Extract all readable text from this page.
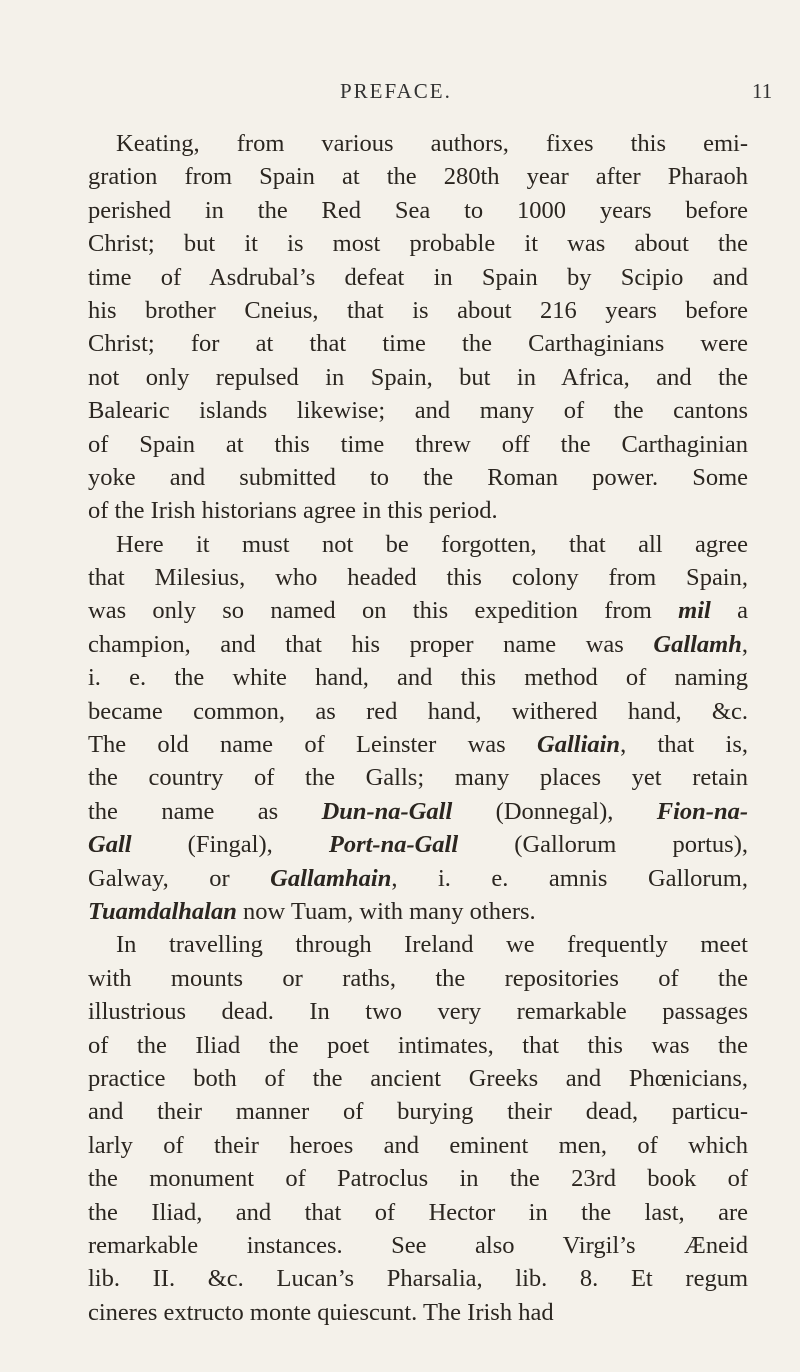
PREFACE.	11
Keating, from various authors, fixes this emi-
gration from Spain at the 280th year after Pharaoh
perished in the Red Sea to 1000 years before
Christ; but it is most probable it was about the
time of Asdrubal’s defeat in Spain by Scipio and
his brother Cneius, that is about 216 years before
Christ; for at that time the Carthaginians were
not only repulsed in Spain, but in Africa, and the
Balearic islands likewise; and many of the cantons
of Spain at this time threw off the Carthaginian
yoke and submitted to the Roman power. Some
of the Irish historians agree in this period.
Here it must not be forgotten, that all agree
that Milesius, who headed this colony from Spain,
was only so named on this expedition from mil a
champion, and that his proper name was Gallamh,
i. e. the white hand, and this method of naming
became common, as red hand, withered hand, &c.
The old name of Leinster was Galliain, that is,
the country of the Galls; many places yet retain
the name as Dun-na-Gall (Donnegal), Fion-na-
Gall (Fingal), Port-na-Gall (Gallorum portus),
Galway, or Gallamhain, i. e. amnis Gallorum,
Tuamdalhalan now Tuam, with many others.
In travelling through Ireland we frequently meet
with mounts or raths, the repositories of the
illustrious dead. In two very remarkable passages
of the Iliad the poet intimates, that this was the
practice both of the ancient Greeks and Phœnicians,
and their manner of burying their dead, particu-
larly of their heroes and eminent men, of which
the monument of Patroclus in the 23rd book of
the Iliad, and that of Hector in the last, are
remarkable instances. See also Virgil’s Æneid
lib. II. &c. Lucan’s Pharsalia, lib. 8. Et regum
cineres extructo monte quiescunt. The Irish had
